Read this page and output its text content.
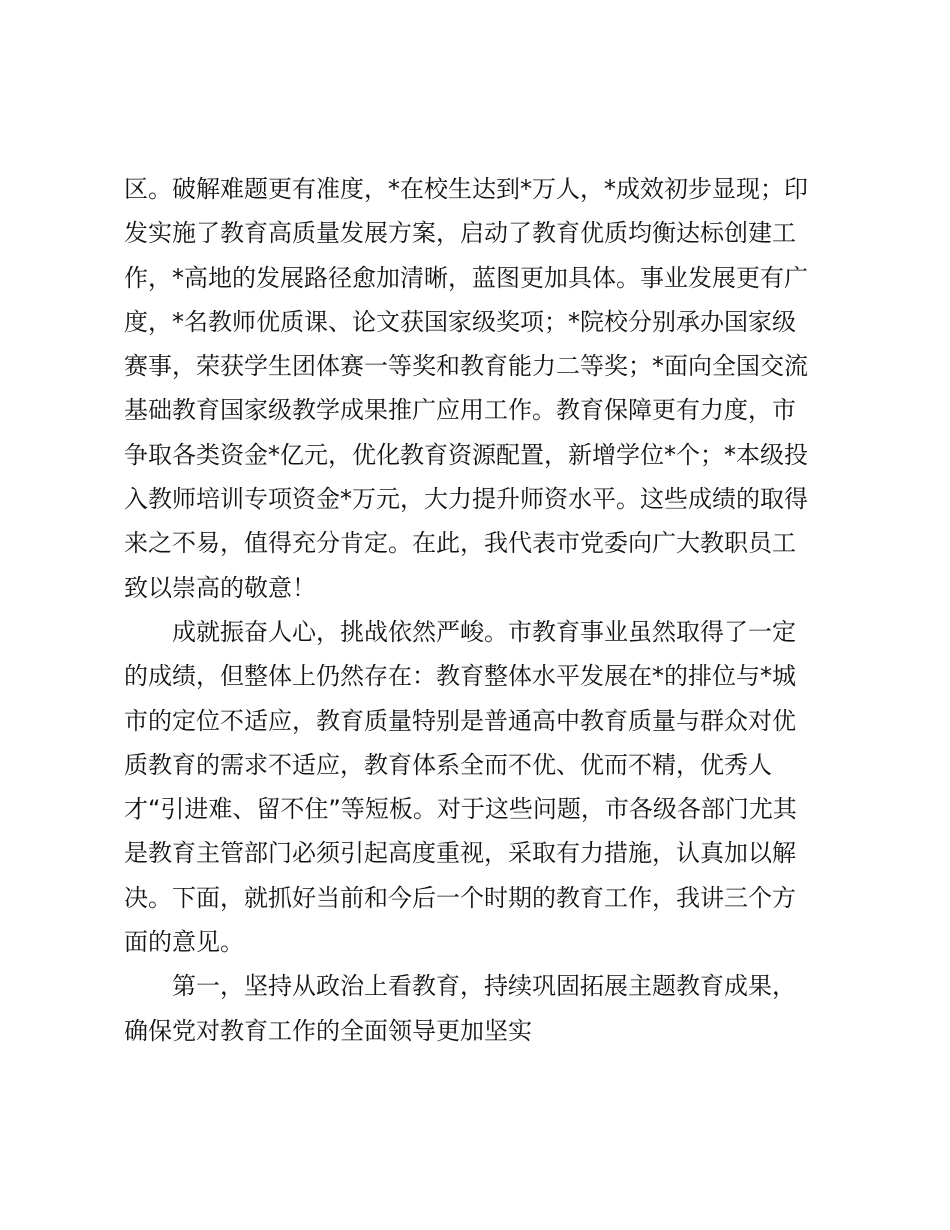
区。破解难题更有准度，*在校生达到*万人，*成效初步显现；印
发实施了教育高质量发展方案，启动了教育优质均衡达标创建工
作，*高地的发展路径愈加清晰，蓝图更加具体。事业发展更有广
度，*名教师优质课、论文获国家级奖项；*院校分别承办国家级
赛事，荣获学生团体赛一等奖和教育能力二等奖；*面向全国交流
基础教育国家级教学成果推广应用工作。教育保障更有力度，市
争取各类资金*亿元，优化教育资源配置，新增学位*个；*本级投
入教师培训专项资金*万元，大力提升师资水平。这些成绩的取得
来之不易，值得充分肯定。在此，我代表市党委向广大教职员工
致以崇高的敬意！
成就振奋人心，挑战依然严峻。市教育事业虽然取得了一定
的成绩，但整体上仍然存在：教育整体水平发展在*的排位与*城
市的定位不适应，教育质量特别是普通高中教育质量与群众对优
质教育的需求不适应，教育体系全而不优、优而不精，优秀人
才“引进难、留不住”等短板。对于这些问题，市各级各部门尤其
是教育主管部门必须引起高度重视，采取有力措施，认真加以解
决。下面，就抓好当前和今后一个时期的教育工作，我讲三个方
面的意见。
第一，坚持从政治上看教育，持续巩固拓展主题教育成果，
确保党对教育工作的全面领导更加坚实
